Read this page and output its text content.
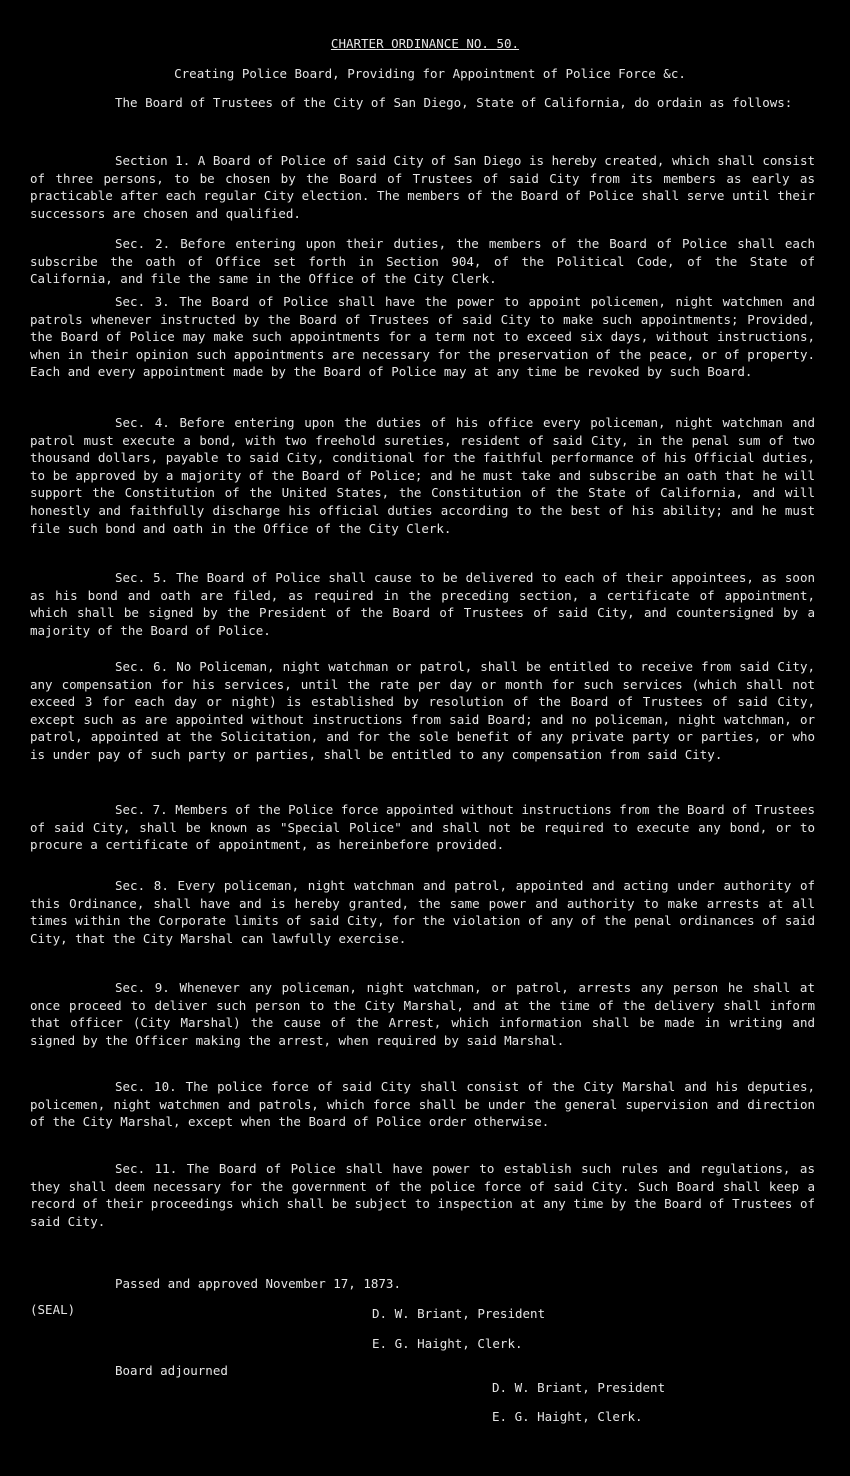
CHARTER ORDINANCE NO. 50.
Creating Police Board, Providing for Appointment of Police Force &c.

The Board of Trustees of the City of San Diego, State of California, do ordain as follows:

Section 1. A Board of Police of said City of San Diego is hereby created, which shall consist of three persons, to be chosen by the Board of Trustees of said City from its members as early as practicable after each regular City election. The members of the Board of Police shall serve until their successors are chosen and qualified.

Sec. 2. Before entering upon their duties, the members of the Board of Police shall each subscribe the oath of Office set forth in Section 904, of the Political Code, of the State of California, and file the same in the Office of the City Clerk.

Sec. 3. The Board of Police shall have the power to appoint policemen, night watchmen and patrols whenever instructed by the Board of Trustees of said City to make such appointments; Provided, the Board of Police may make such appointments for a term not to exceed six days, without instructions, when in their opinion such appointments are necessary for the preservation of the peace, or of property. Each and every appointment made by the Board of Police may at any time be revoked by such Board.

Sec. 4. Before entering upon the duties of his office every policeman, night watchman and patrol must execute a bond, with two freehold sureties, resident of said City, in the penal sum of two thousand dollars, payable to said City, conditional for the faithful performance of his Official duties, to be approved by a majority of the Board of Police; and he must take and subscribe an oath that he will support the Constitution of the United States, the Constitution of the State of California, and will honestly and faithfully discharge his official duties according to the best of his ability; and he must file such bond and oath in the Office of the City Clerk.

Sec. 5. The Board of Police shall cause to be delivered to each of their appointees, as soon as his bond and oath are filed, as required in the preceding section, a certificate of appointment, which shall be signed by the President of the Board of Trustees of said City, and countersigned by a majority of the Board of Police.

Sec. 6. No Policeman, night watchman or patrol, shall be entitled to receive from said City, any compensation for his services, until the rate per day or month for such services (which shall not exceed 3 for each day or night) is established by resolution of the Board of Trustees of said City, except such as are appointed without instructions from said Board; and no policeman, night watchman, or patrol, appointed at the Solicitation, and for the sole benefit of any private party or parties, or who is under pay of such party or parties, shall be entitled to any compensation from said City.

Sec. 7. Members of the Police force appointed without instructions from the Board of Trustees of said City, shall be known as "Special Police" and shall not be required to execute any bond, or to procure a certificate of appointment, as hereinbefore provided.

Sec. 8. Every policeman, night watchman and patrol, appointed and acting under authority of this Ordinance, shall have and is hereby granted, the same power and authority to make arrests at all times within the Corporate limits of said City, for the violation of any of the penal ordinances of said City, that the City Marshal can lawfully exercise.

Sec. 9. Whenever any policeman, night watchman, or patrol, arrests any person he shall at once proceed to deliver such person to the City Marshal, and at the time of the delivery shall inform that officer (City Marshal) the cause of the Arrest, which information shall be made in writing and signed by the Officer making the arrest, when required by said Marshal.

Sec. 10. The police force of said City shall consist of the City Marshal and his deputies, policemen, night watchmen and patrols, which force shall be under the general supervision and direction of the City Marshal, except when the Board of Police order otherwise.

Sec. 11. The Board of Police shall have power to establish such rules and regulations, as they shall deem necessary for the government of the police force of said City. Such Board shall keep a record of their proceedings which shall be subject to inspection at any time by the Board of Trustees of said City.

Passed and approved November 17, 1873.
(SEAL)	D. W. Briant, President
E. G. Haight, Clerk.
Board adjourned
D. W. Briant, President
E. G. Haight, Clerk.
